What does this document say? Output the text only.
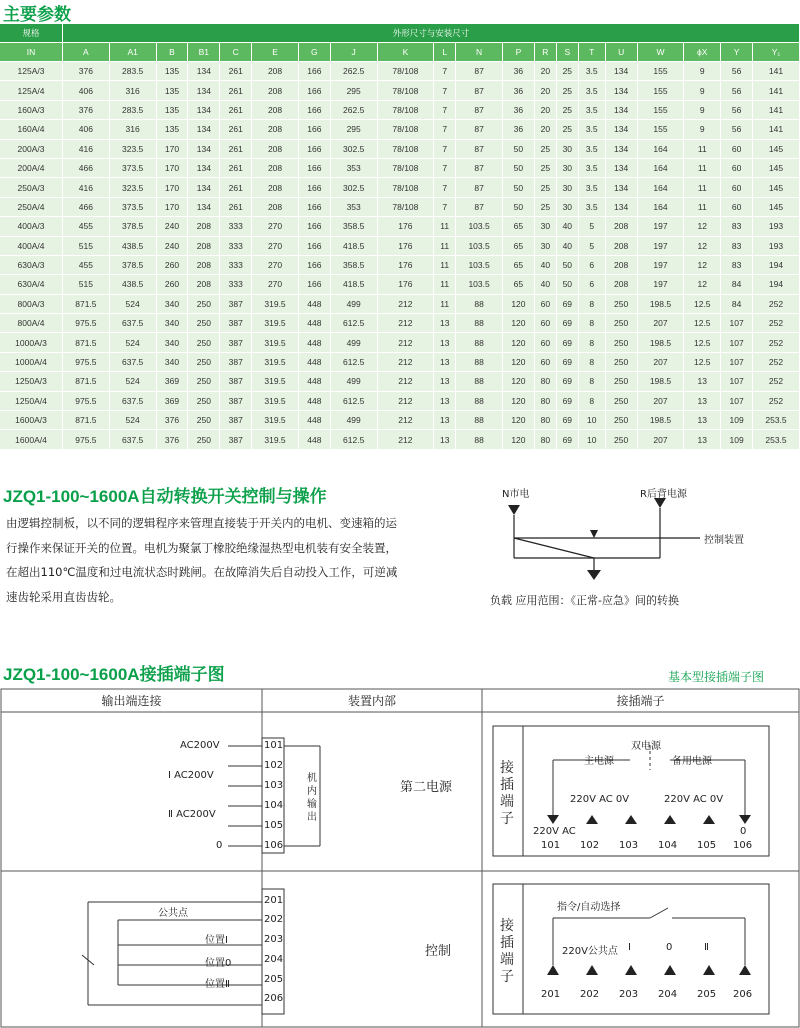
主要参数
规格	外形尺寸与安装尺寸																			
IN	A	A1	B	B1	C	E	G	J	K	L	N	P	R	S	T	U	W	ϕX	Y	Y₁
125A/3	376	283.5	135	134	261	208	166	262.5	78/108	7	87	36	20	25	3.5	134	155	9	56	141
125A/4	406	316	135	134	261	208	166	295	78/108	7	87	36	20	25	3.5	134	155	9	56	141
160A/3	376	283.5	135	134	261	208	166	262.5	78/108	7	87	36	20	25	3.5	134	155	9	56	141
160A/4	406	316	135	134	261	208	166	295	78/108	7	87	36	20	25	3.5	134	155	9	56	141
200A/3	416	323.5	170	134	261	208	166	302.5	78/108	7	87	50	25	30	3.5	134	164	11	60	145
200A/4	466	373.5	170	134	261	208	166	353	78/108	7	87	50	25	30	3.5	134	164	11	60	145
250A/3	416	323.5	170	134	261	208	166	302.5	78/108	7	87	50	25	30	3.5	134	164	11	60	145
250A/4	466	373.5	170	134	261	208	166	353	78/108	7	87	50	25	30	3.5	134	164	11	60	145
400A/3	455	378.5	240	208	333	270	166	358.5	176	11	103.5	65	30	40	5	208	197	12	83	193
400A/4	515	438.5	240	208	333	270	166	418.5	176	11	103.5	65	30	40	5	208	197	12	83	193
630A/3	455	378.5	260	208	333	270	166	358.5	176	11	103.5	65	40	50	6	208	197	12	83	194
630A/4	515	438.5	260	208	333	270	166	418.5	176	11	103.5	65	40	50	6	208	197	12	84	194
800A/3	871.5	524	340	250	387	319.5	448	499	212	11	88	120	60	69	8	250	198.5	12.5	84	252
800A/4	975.5	637.5	340	250	387	319.5	448	612.5	212	13	88	120	60	69	8	250	207	12.5	107	252
1000A/3	871.5	524	340	250	387	319.5	448	499	212	13	88	120	60	69	8	250	198.5	12.5	107	252
1000A/4	975.5	637.5	340	250	387	319.5	448	612.5	212	13	88	120	60	69	8	250	207	12.5	107	252
1250A/3	871.5	524	369	250	387	319.5	448	499	212	13	88	120	80	69	8	250	198.5	13	107	252
1250A/4	975.5	637.5	369	250	387	319.5	448	612.5	212	13	88	120	80	69	8	250	207	13	107	252
1600A/3	871.5	524	376	250	387	319.5	448	499	212	13	88	120	80	69	10	250	198.5	13	109	253.5
1600A/4	975.5	637.5	376	250	387	319.5	448	612.5	212	13	88	120	80	69	10	250	207	13	109	253.5
JZQ1-100~1600A自动转换开关控制与操作
由逻辑控制板，以不同的逻辑程序来管理直接装于开关内的电机、变速箱的运行操作来保证开关的位置。电机为聚氯丁橡胶绝缘湿热型电机装有安全装置，在超出110℃温度和过电流状态时跳闸。在故障消失后自动投入工作，可逆减速齿轮采用直齿齿轮。
N市电	R后背电源
控制装置
负载 应用范围：《正常-应急》间的转换
JZQ1-100~1600A接插端子图	基本型接插端子图
输出端连接	装置内部	接插端子
AC200V
Ⅰ AC200V
Ⅱ AC200V
0
101
102
103
104
105
106	101 102 103 104 105 106
201
202
203
204
205
206	201 202 203 204 205 206
机内输出
第二电源
控制
公共点
位置Ⅰ
位置0
位置Ⅱ
接插端子
接插端子
双电源
主电源	备用电源
220V AC 0V	220V AC 0V
220V AC	0
指令/自动选择
220V公共点 Ⅰ	0	Ⅱ
